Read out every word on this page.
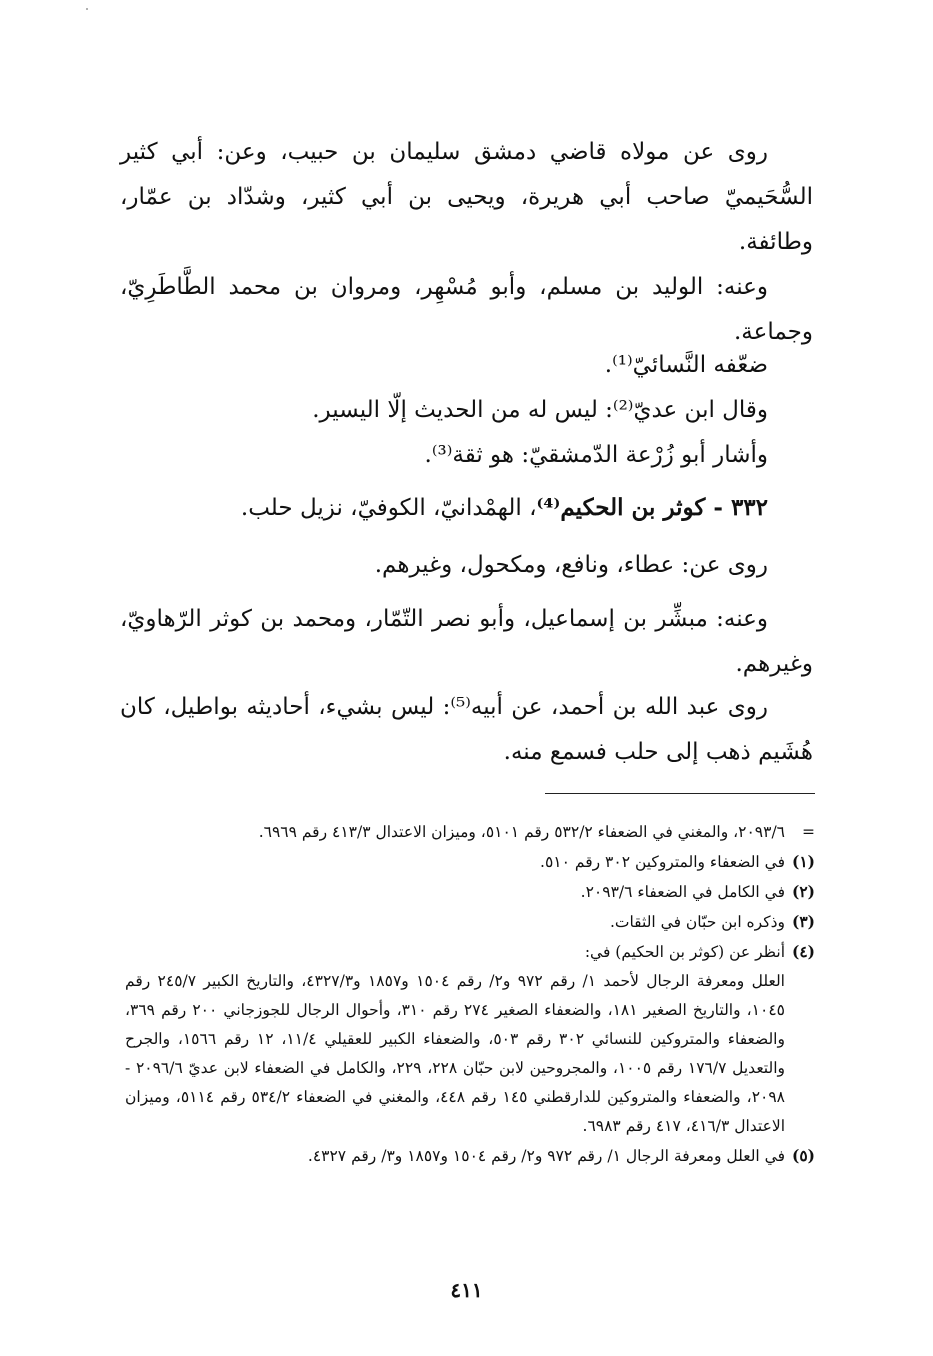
روى عن مولاه قاضي دمشق سليمان بن حبيب، وعن: أبي كثير السُّحَيميّ صاحب أبي هريرة، ويحيى بن أبي كثير، وشدّاد بن عمّار، وطائفة.

وعنه: الوليد بن مسلم، وأبو مُسْهِر، ومروان بن محمد الطَّاطَرِيّ، وجماعة.

ضعّفه النَّسائيّ⁽¹⁾.

وقال ابن عديّ⁽²⁾: ليس له من الحديث إلّا اليسير.

وأشار أبو زُرْعة الدّمشقيّ: هو ثقة⁽³⁾.

٣٣٢ - كوثر بن الحكيم⁽⁴⁾، الهمْدانيّ، الكوفيّ، نزيل حلب.

روى عن: عطاء، ونافع، ومكحول، وغيرهم.

وعنه: مبشِّر بن إسماعيل، وأبو نصر التّمّار، ومحمد بن كوثر الرّهاويّ، وغيرهم.

روى عبد الله بن أحمد، عن أبيه⁽⁵⁾: ليس بشيء، أحاديثه بواطيل، كان هُشَيم ذهب إلى حلب فسمع منه.

=٢٠٩٣/٦، والمغني في الضعفاء ٥٣٢/٢ رقم ٥١٠١، وميزان الاعتدال ٤١٣/٣ رقم ٦٩٦٩.

(١)في الضعفاء والمتروكين ٣٠٢ رقم ٥١٠.

(٢)في الكامل في الضعفاء ٢٠٩٣/٦.

(٣)وذكره ابن حبّان في الثقات.

(٤)أنظر عن (كوثر بن الحكيم) في:

العلل ومعرفة الرجال لأحمد ١/ رقم ٩٧٢ و٢/ رقم ١٥٠٤ و١٨٥٧ و٤٣٢٧/٣، والتاريخ الكبير ٢٤٥/٧ رقم ١٠٤٥، والتاريخ الصغير ١٨١، والضعفاء الصغير ٢٧٤ رقم ٣١٠، وأحوال الرجال للجوزجاني ٢٠٠ رقم ٣٦٩، والضعفاء والمتروكين للنسائي ٣٠٢ رقم ٥٠٣، والضعفاء الكبير للعقيلي ١١/٤، ١٢ رقم ١٥٦٦، والجرح والتعديل ١٧٦/٧ رقم ١٠٠٥، والمجروحين لابن حبّان ٢٢٨، ٢٢٩، والكامل في الضعفاء لابن عديّ ٢٠٩٦/٦ - ٢٠٩٨، والضعفاء والمتروكين للدارقطني ١٤٥ رقم ٤٤٨، والمغني في الضعفاء ٥٣٤/٢ رقم ٥١١٤، وميزان الاعتدال ٤١٦/٣، ٤١٧ رقم ٦٩٨٣.

(٥)في العلل ومعرفة الرجال ١/ رقم ٩٧٢ و٢/ رقم ١٥٠٤ و١٨٥٧ و٣/ رقم ٤٣٢٧.

٤١١
